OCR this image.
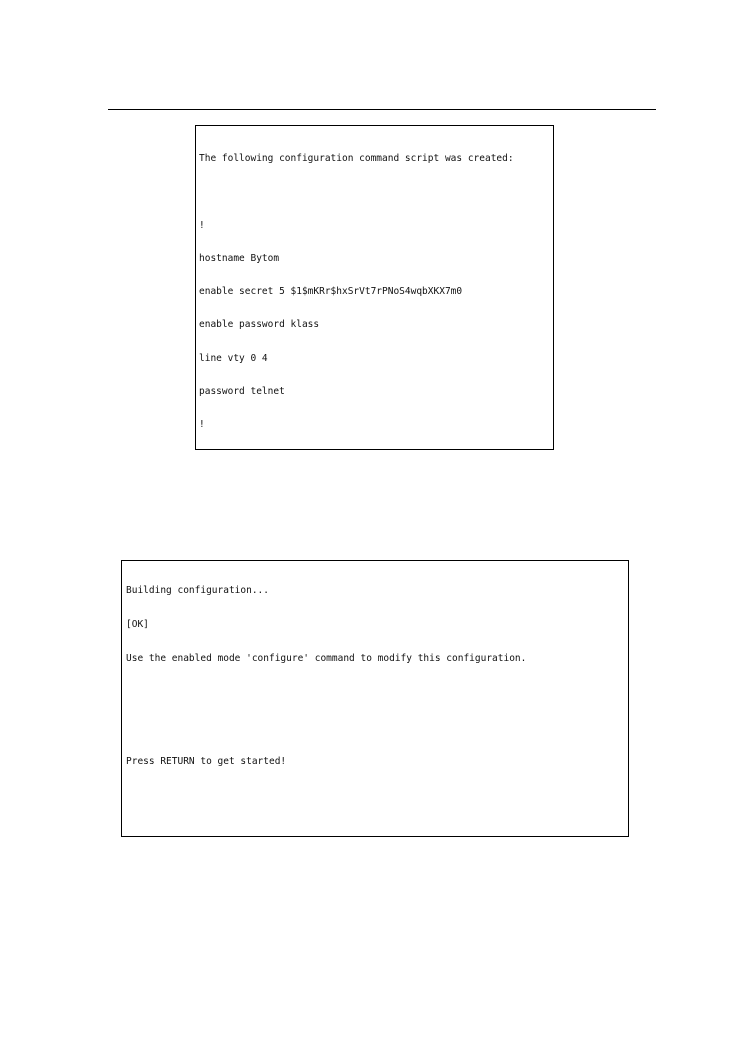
The following configuration command script was created:

!

hostname Bytom

enable secret 5 $1$mKRr$hxSrVt7rPNoS4wqbXKX7m0

enable password klass

line vty 0 4

password telnet

!

Building configuration...

[OK]

Use the enabled mode 'configure' command to modify this configuration.

Press RETURN to get started!
